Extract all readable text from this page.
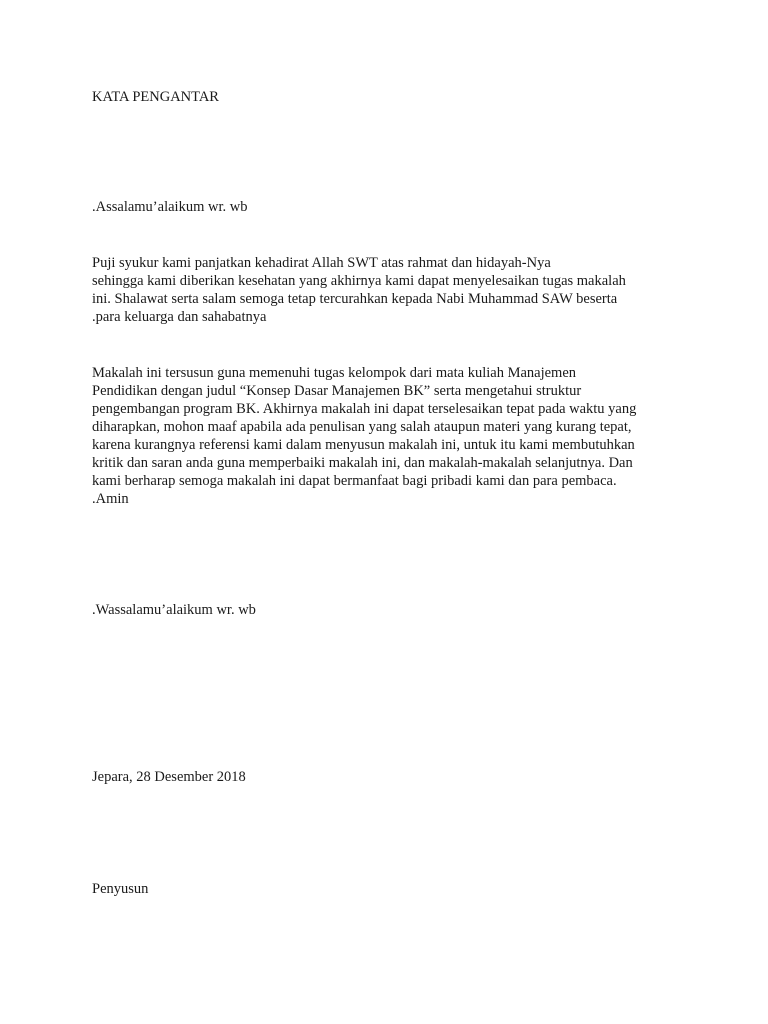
KATA PENGANTAR
.Assalamu’alaikum wr. wb
Puji syukur kami panjatkan kehadirat Allah SWT atas rahmat dan hidayah-Nya
sehingga kami diberikan kesehatan yang akhirnya kami dapat menyelesaikan tugas makalah
ini. Shalawat serta salam semoga tetap tercurahkan kepada Nabi Muhammad SAW beserta
.para keluarga dan sahabatnya
Makalah ini tersusun guna memenuhi tugas kelompok dari mata kuliah Manajemen
Pendidikan dengan judul “Konsep Dasar Manajemen BK” serta mengetahui struktur
pengembangan program BK. Akhirnya makalah ini dapat terselesaikan tepat pada waktu yang
diharapkan, mohon maaf apabila ada penulisan yang salah ataupun materi yang kurang tepat,
karena kurangnya referensi kami dalam menyusun makalah ini, untuk itu kami membutuhkan
kritik dan saran anda guna memperbaiki makalah ini, dan makalah-makalah selanjutnya. Dan
kami berharap semoga makalah ini dapat bermanfaat bagi pribadi kami dan para pembaca.
.Amin
.Wassalamu’alaikum wr. wb
Jepara, 28 Desember 2018
Penyusun
